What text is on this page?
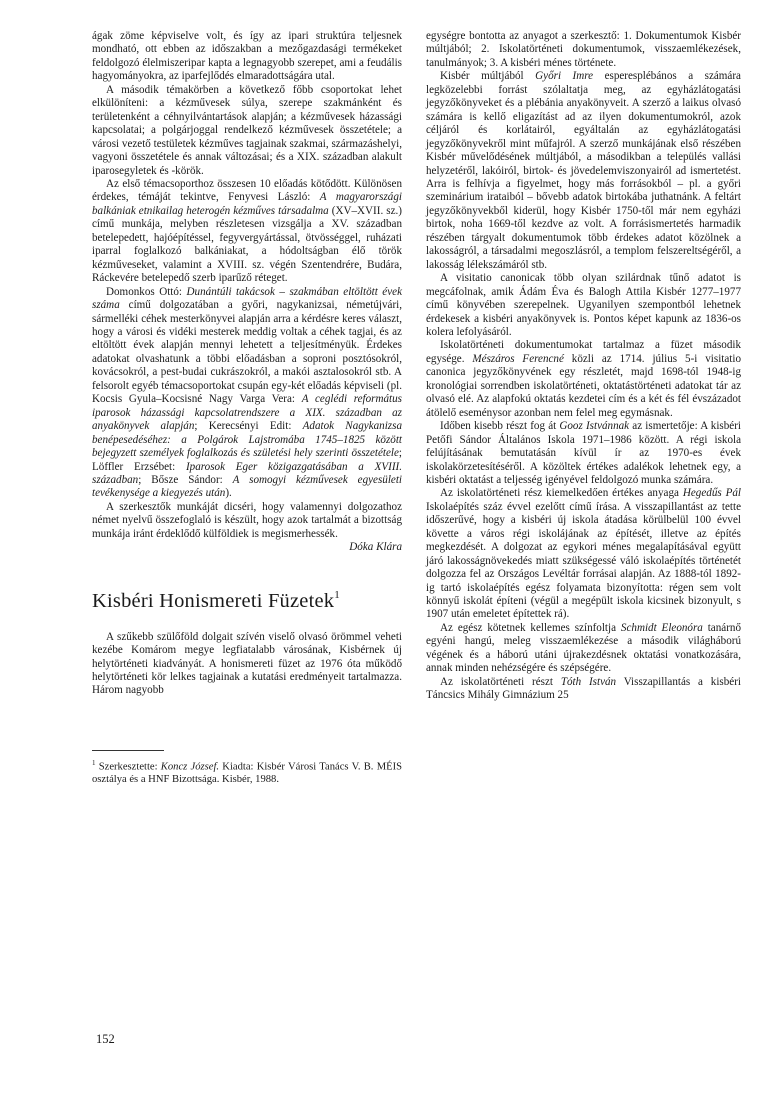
ágak zöme képviselve volt, és így az ipari struktúra teljesnek mondható, ott ebben az időszakban a mezőgazdasági termékeket feldolgozó élelmiszeripar kapta a legnagyobb szerepet, ami a feudális hagyományokra, az iparfejlődés elmaradottságára utal.

A második témakörben a következő főbb csoportokat lehet elkülöníteni: a kézművesek súlya, szerepe szakmánként és területenként a céhnyilvántartások alapján; a kézművesek házassági kapcsolatai; a polgárjoggal rendelkező kézművesek összetétele; a városi vezető testületek kézműves tagjainak szakmai, származáshelyi, vagyoni összetétele és annak változásai; és a XIX. században alakult iparosegyletek és -körök.

Az első témacsoporthoz összesen 10 előadás kötődött. Különösen érdekes, témáját tekintve, Fenyvesi László: A magyarországi balkániak etnikailag heterogén kézműves társadalma (XV–XVII. sz.) című munkája, melyben részletesen vizsgálja a XV. században betelepedett, hajóépítéssel, fegyvergyártással, ötvösséggel, ruházati iparral foglalkozó balkániakat, a hódoltságban élő török kézműveseket, valamint a XVIII. sz. végén Szentendrére, Budára, Ráckevére betelepedő szerb iparűző réteget.

Domonkos Ottó: Dunántúli takácsok – szakmában eltöltött évek száma című dolgozatában a győri, nagykanizsai, németújvári, sármelléki céhek mesterkönyvei alapján arra a kérdésre keres választ, hogy a városi és vidéki mesterek meddig voltak a céhek tagjai, és az eltöltött évek alapján mennyi lehetett a teljesítményük. Érdekes adatokat olvashatunk a többi előadásban a soproni posztósokról, kovácsokról, a pest-budai cukrászokról, a makói asztalosokról stb. A felsorolt egyéb témacsoportokat csupán egy-két előadás képviseli (pl. Kocsis Gyula–Kocsisné Nagy Varga Vera: A ceglédi református iparosok házassági kapcsolatrendszere a XIX. században az anyakönyvek alapján; Kerecsényi Edit: Adatok Nagykanizsa benépesedéséhez: a Polgárok Lajstromába 1745–1825 között bejegyzett személyek foglalkozás és születési hely szerinti összetétele; Löffler Erzsébet: Iparosok Eger közigazgatásában a XVIII. században; Bősze Sándor: A somogyi kézművesek egyesületi tevékenysége a kiegyezés után).

A szerkesztők munkáját dicséri, hogy valamennyi dolgozathoz német nyelvű összefoglaló is készült, hogy azok tartalmát a bizottság munkája iránt érdeklődő külföldiek is megismerhessék.

Dóka Klára

Kisbéri Honismereti Füzetek$^1$

A szűkebb szülőföld dolgait szívén viselő olvasó örömmel veheti kezébe Komárom megye legfiatalabb városának, Kisbérnek új helytörténeti kiadványát. A honismereti füzet az 1976 óta működő helytörténeti kör lelkes tagjainak a kutatási eredményeit tartalmazza. Három nagyobb

$^1$ Szerkesztette: Koncz József. Kiadta: Kisbér Városi Tanács V. B. MÉIS osztálya és a HNF Bizottsága. Kisbér, 1988.

egységre bontotta az anyagot a szerkesztő: 1. Dokumentumok Kisbér múltjából; 2. Iskolatörténeti dokumentumok, visszaemlékezések, tanulmányok; 3. A kisbéri ménes története.

Kisbér múltjából Győri Imre esperesplébános a számára legközelebbi forrást szólaltatja meg, az egyházlátogatási jegyzőkönyveket és a plébánia anyakönyveit. A szerző a laikus olvasó számára is kellő eligazítást ad az ilyen dokumentumokról, azok céljáról és korlátairól, egyáltalán az egyházlátogatási jegyzőkönyvekről mint műfajról. A szerző munkájának első részében Kisbér művelődésének múltjából, a másodikban a település vallási helyzetéről, lakóiról, birtok- és jövedelemviszonyairól ad ismertetést. Arra is felhívja a figyelmet, hogy más forrásokból – pl. a győri szeminárium irataiból – bővebb adatok birtokába juthatnánk. A feltárt jegyzőkönyvekből kiderül, hogy Kisbér 1750-től már nem egyházi birtok, noha 1669-től kezdve az volt. A forrásismertetés harmadik részében tárgyalt dokumentumok több érdekes adatot közölnek a lakosságról, a társadalmi megoszlásról, a templom felszereltségéről, a lakosság lélekszámáról stb.

A visitatio canonicak több olyan szilárdnak tűnő adatot is megcáfolnak, amik Ádám Éva és Balogh Attila Kisbér 1277–1977 című könyvében szerepelnek. Ugyanilyen szempontból lehetnek érdekesek a kisbéri anyakönyvek is. Pontos képet kapunk az 1836-os kolera lefolyásáról.

Iskolatörténeti dokumentumokat tartalmaz a füzet második egysége. Mészáros Ferencné közli az 1714. július 5-i visitatio canonica jegyzőkönyvének egy részletét, majd 1698-tól 1948-ig kronológiai sorrendben iskolatörténeti, oktatástörténeti adatokat tár az olvasó elé. Az alapfokú oktatás kezdetei cím és a két és fél évszázadot átölelő eseménysor azonban nem felel meg egymásnak.

Időben kisebb részt fog át Gooz Istvánnak az ismertetője: A kisbéri Petőfi Sándor Általános Iskola 1971–1986 között. A régi iskola felújításának bemutatásán kívül ír az 1970-es évek iskolakörzetesítéséről. A közöltek értékes adalékok lehetnek egy, a kisbéri oktatást a teljesség igényével feldolgozó munka számára.

Az iskolatörténeti rész kiemelkedően értékes anyaga Hegedűs Pál Iskolaépítés száz évvel ezelőtt című írása. A visszapillantást az tette időszerűvé, hogy a kisbéri új iskola átadása körülbelül 100 évvel követte a város régi iskolájának az építését, illetve az építés megkezdését. A dolgozat az egykori ménes megalapításával együtt járó lakosságnövekedés miatt szükségessé váló iskolaépítés történetét dolgozza fel az Országos Levéltár forrásai alapján. Az 1888-tól 1892-ig tartó iskolaépítés egész folyamata bizonyította: régen sem volt könnyű iskolát építeni (végül a megépült iskola kicsinek bizonyult, s 1907 után emeletet építettek rá).

Az egész kötetnek kellemes színfoltja Schmidt Eleonóra tanárnő egyéni hangú, meleg visszaemlékezése a második világháború végének és a háború utáni újrakezdésnek oktatási vonatkozására, annak minden nehézségére és szépségére.

Az iskolatörténeti részt Tóth István Visszapillantás a kisbéri Táncsics Mihály Gimnázium 25

152
